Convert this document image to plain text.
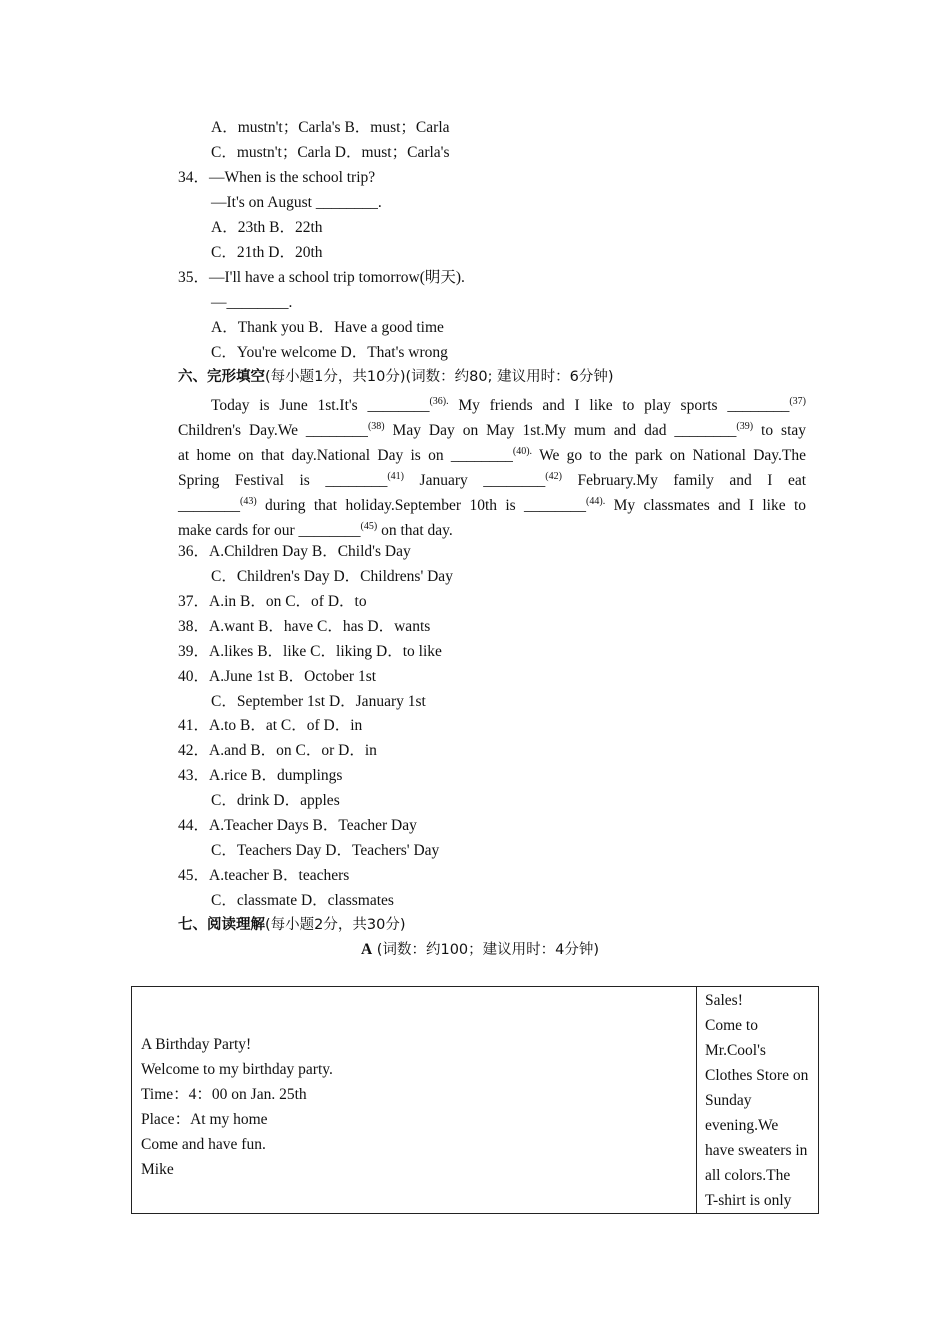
A．mustn't；Carla's B．must；Carla
C．mustn't；Carla D．must；Carla's
34．—When is the school trip?
—It's on August ________.
A．23th B．22th
C．21th D．20th
35．—I'll have a school trip tomorrow(明天).
—________.
A．Thank you B．Have a good time
C．You're welcome D．That's wrong
六、完形填空(每小题1分，共10分)(词数：约80; 建议用时：6分钟)
Today is June 1st.It's ________$^{(36).}$ My friends and I like to play sports ________$^{(37)}$
Children's Day.We ________$^{(38)}$ May Day on May 1st.My mum and dad ________$^{(39)}$ to stay
at home on that day.National Day is on ________$^{(40).}$ We go to the park on National Day.The
Spring Festival is ________$^{(41)}$ January ________$^{(42)}$ February.My family and I eat
________$^{(43)}$ during that holiday.September 10th is ________$^{(44).}$ My classmates and I like to
make cards for our ________$^{(45)}$ on that day.
36．A.Children Day B．Child's Day
C．Children's Day D．Childrens' Day
37．A.in B．on C．of D．to
38．A.want B．have C．has D．wants
39．A.likes B．like C．liking D．to like
40．A.June 1st B．October 1st
C．September 1st D．January 1st
41．A.to B．at C．of D．in
42．A.and B．on C．or D．in
43．A.rice B．dumplings
C．drink D．apples
44．A.Teacher Days B．Teacher Day
C．Teachers Day D．Teachers' Day
45．A.teacher B．teachers
C．classmate D．classmates
七、阅读理解(每小题2分，共30分)
A (词数：约100；建议用时：4分钟)
A Birthday Party!
Welcome to my birthday party.
Time：4：00 on Jan. 25th
Place：At my home
Come and have fun.
Mike

Sales!
Come to
Mr.Cool's
Clothes Store on
Sunday
evening.We
have sweaters in
all colors.The
T-shirt is only
